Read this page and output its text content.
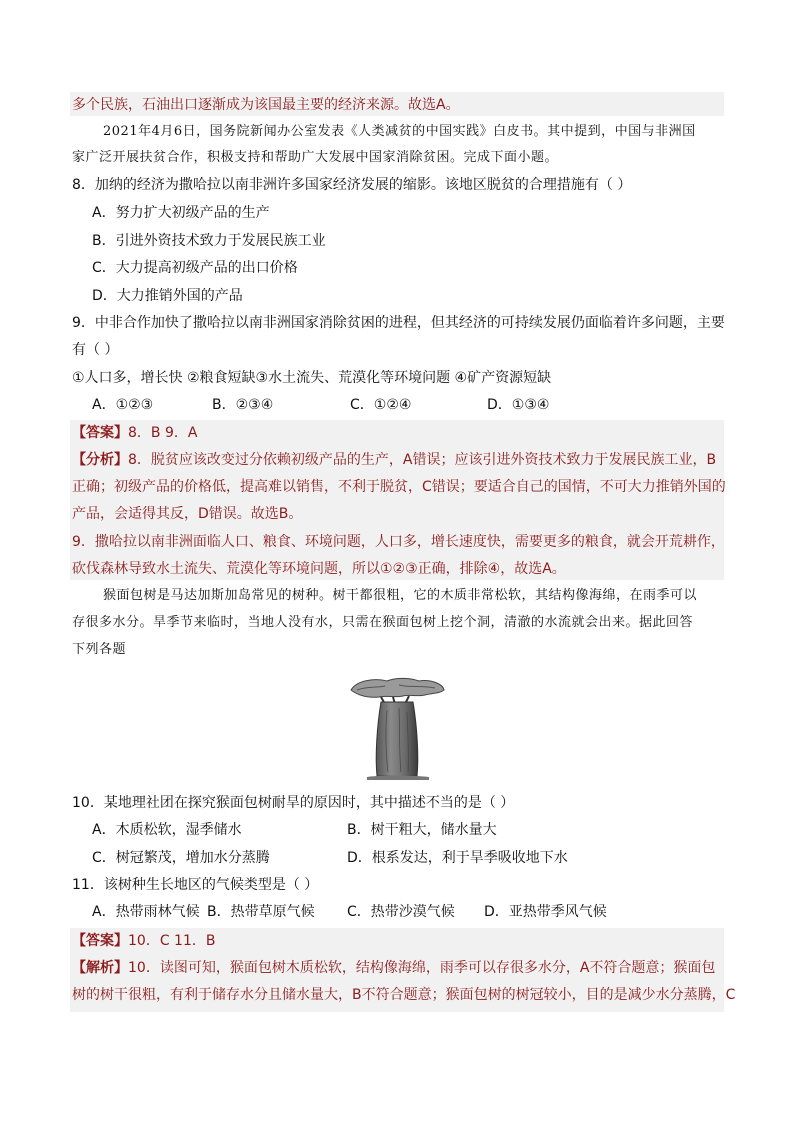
多个民族，石油出口逐渐成为该国最主要的经济来源。故选A。
2021年4月6日，国务院新闻办公室发表《人类减贫的中国实践》白皮书。其中提到，中国与非洲国
家广泛开展扶贫合作，积极支持和帮助广大发展中国家消除贫困。完成下面小题。
8．加纳的经济为撒哈拉以南非洲许多国家经济发展的缩影。该地区脱贫的合理措施有（ ）
A．努力扩大初级产品的生产
B．引进外资技术致力于发展民族工业
C．大力提高初级产品的出口价格
D．大力推销外国的产品
9．中非合作加快了撒哈拉以南非洲国家消除贫困的进程，但其经济的可持续发展仍面临着许多问题，主要
有（ ）
①人口多，增长快 ②粮食短缺③水土流失、荒漠化等环境问题 ④矿产资源短缺
A．①②③	B．②③④	C．①②④	D．①③④
【答案】8．B 9．A
【分析】8．脱贫应该改变过分依赖初级产品的生产，A错误；应该引进外资技术致力于发展民族工业，B
正确；初级产品的价格低，提高难以销售，不利于脱贫，C错误；要适合自己的国情，不可大力推销外国的
产品，会适得其反，D错误。故选B。
9．撒哈拉以南非洲面临人口、粮食、环境问题，人口多，增长速度快，需要更多的粮食，就会开荒耕作，
砍伐森林导致水土流失、荒漠化等环境问题，所以①②③正确，排除④，故选A。
猴面包树是马达加斯加岛常见的树种。树干都很粗，它的木质非常松软，其结构像海绵，在雨季可以
存很多水分。旱季节来临时，当地人没有水，只需在猴面包树上挖个洞，清澈的水流就会出来。据此回答
下列各题
10．某地理社团在探究猴面包树耐旱的原因时，其中描述不当的是（ ）
A．木质松软，湿季储水	B．树干粗大，储水量大
C．树冠繁茂，增加水分蒸腾	D．根系发达，利于旱季吸收地下水
11．该树种生长地区的气候类型是（ ）
A．热带雨林气候 B．热带草原气候 C．热带沙漠气候 D．亚热带季风气候
【答案】10．C 11．B
【解析】10．读图可知，猴面包树木质松软，结构像海绵，雨季可以存很多水分，A不符合题意；猴面包
树的树干很粗，有利于储存水分且储水量大，B不符合题意；猴面包树的树冠较小，目的是减少水分蒸腾，C
